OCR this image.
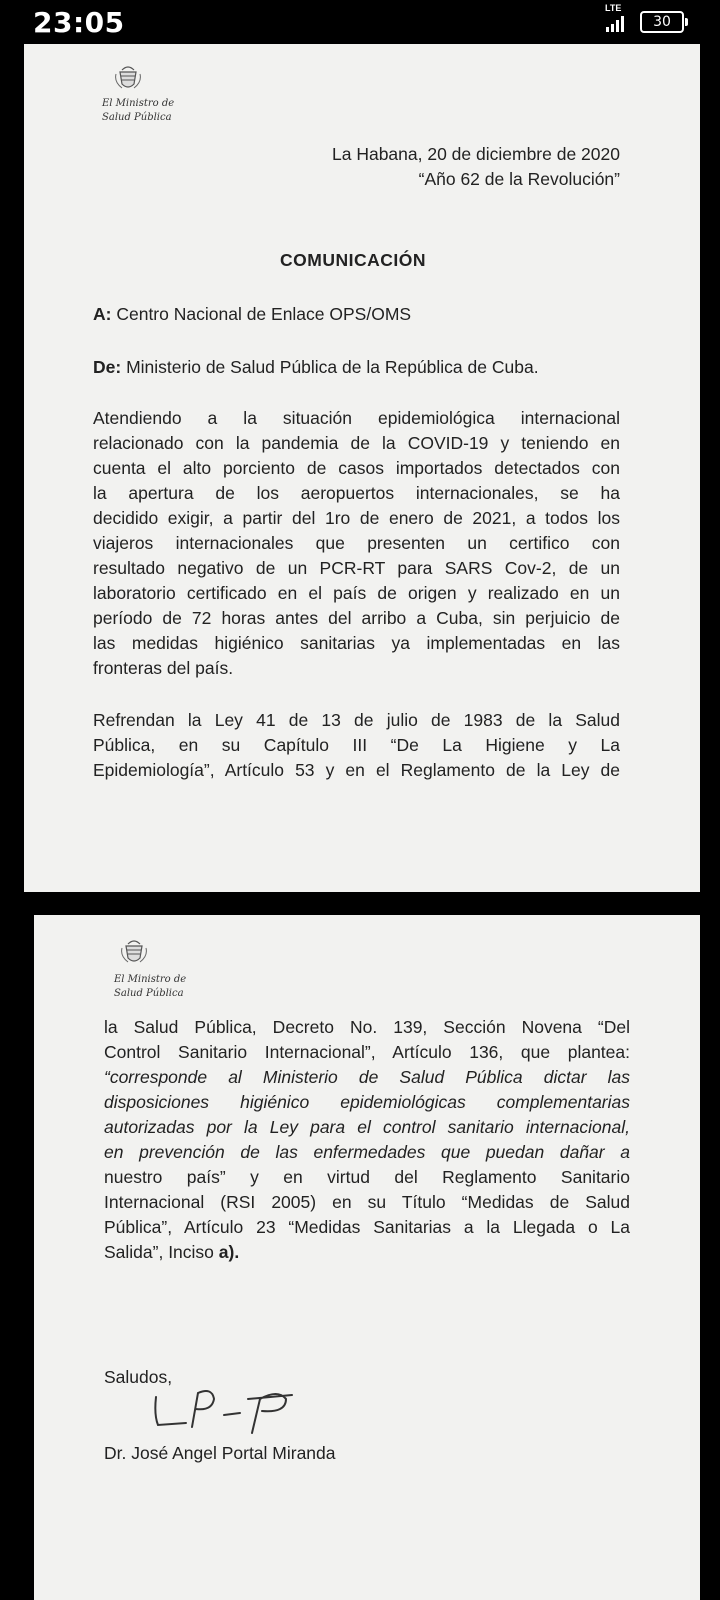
23:05	LTE
30
El Ministro de
Salud Pública
La Habana, 20 de diciembre de 2020
“Año 62 de la Revolución”
COMUNICACIÓN
A: Centro Nacional de Enlace OPS/OMS
De: Ministerio de Salud Pública de la República de Cuba.
Atendiendo a la situación epidemiológica internacional
relacionado con la pandemia de la COVID-19 y teniendo en
cuenta el alto porciento de casos importados detectados con
la apertura de los aeropuertos internacionales, se ha
decidido exigir, a partir del 1ro de enero de 2021, a todos los
viajeros internacionales que presenten un certifico con
resultado negativo de un PCR-RT para SARS Cov-2, de un
laboratorio certificado en el país de origen y realizado en un
período de 72 horas antes del arribo a Cuba, sin perjuicio de
las medidas higiénico sanitarias ya implementadas en las
fronteras del país.
Refrendan la Ley 41 de 13 de julio de 1983 de la Salud
Pública, en su Capítulo III “De La Higiene y La
Epidemiología”, Artículo 53 y en el Reglamento de la Ley de
El Ministro de
Salud Pública
la Salud Pública, Decreto No. 139, Sección Novena “Del
Control Sanitario Internacional”, Artículo 136, que plantea:
“corresponde al Ministerio de Salud Pública dictar las
disposiciones higiénico epidemiológicas complementarias
autorizadas por la Ley para el control sanitario internacional,
en prevención de las enfermedades que puedan dañar a
nuestro país” y en virtud del Reglamento Sanitario
Internacional (RSI 2005) en su Título “Medidas de Salud
Pública”, Artículo 23 “Medidas Sanitarias a la Llegada o La
Salida”, Inciso a).
Saludos,
Dr. José Angel Portal Miranda
